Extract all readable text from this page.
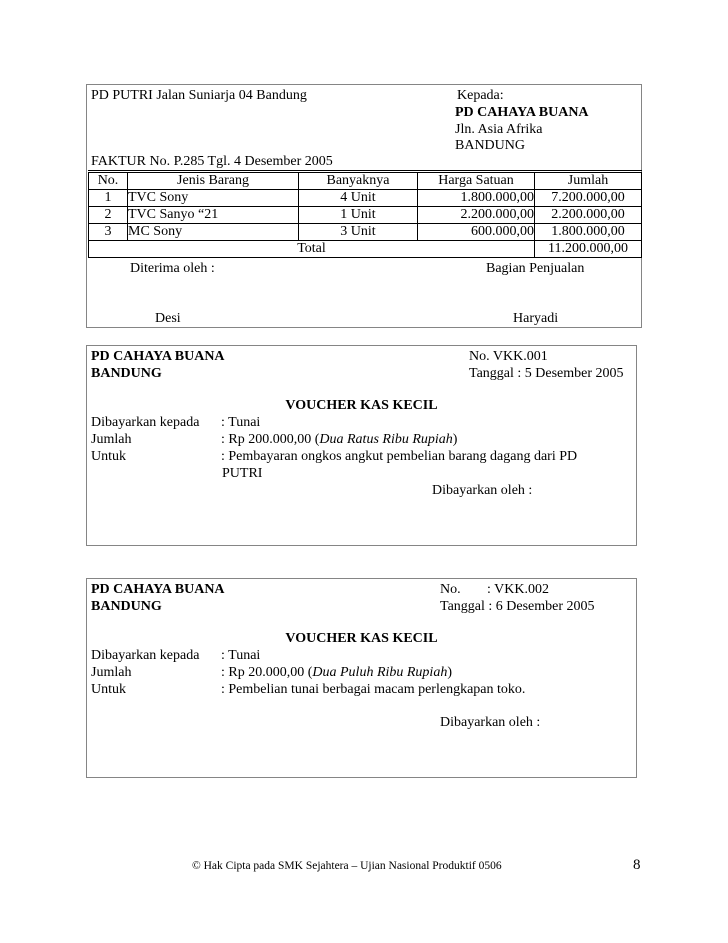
PD PUTRI Jalan Suniarja 04 Bandung	Kepada:
PD CAHAYA BUANA
Jln. Asia Afrika
BANDUNG
FAKTUR No. P.285 Tgl. 4 Desember 2005
No.	Jenis Barang	Banyaknya	Harga Satuan	Jumlah
1	TVC Sony	4 Unit	1.800.000,00	7.200.000,00
2	TVC Sanyo “21	1 Unit	2.200.000,00	2.200.000,00
3	MC Sony	3 Unit	600.000,00	1.800.000,00
Total				11.200.000,00
Diterima oleh :	Bagian Penjualan
Desi	Haryadi
PD CAHAYA BUANA
BANDUNG
No. VKK.001
Tanggal : 5 Desember 2005
VOUCHER KAS KECIL
Dibayarkan kepada	: Tunai
Jumlah	: Rp 200.000,00 ( Dua Ratus Ribu Rupiah )
Untuk	: Pembayaran ongkos angkut pembelian barang dagang dari PD
PUTRI
Dibayarkan oleh :
PD CAHAYA BUANA
BANDUNG
No. : VKK.002
Tanggal : 6 Desember 2005
VOUCHER KAS KECIL
Dibayarkan kepada	: Tunai
Jumlah	: Rp 20.000,00 ( Dua Puluh Ribu Rupiah )
Untuk	: Pembelian tunai berbagai macam perlengkapan toko.
Dibayarkan oleh :
© Hak Cipta pada SMK Sejahtera – Ujian Nasional Produktif 0506	8
